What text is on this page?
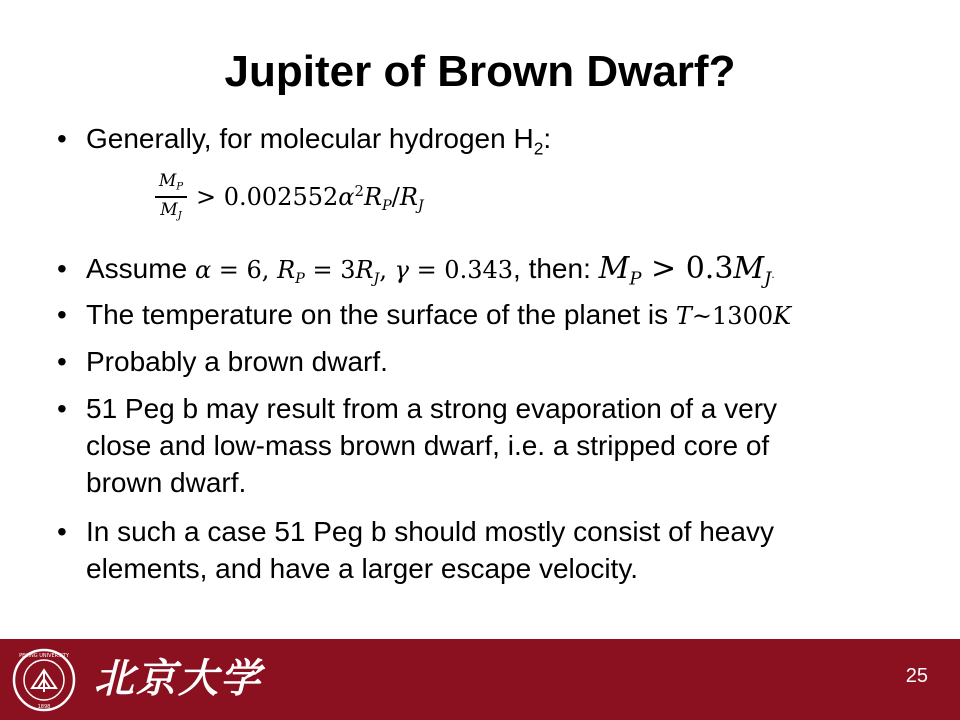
Jupiter of Brown Dwarf?
• Generally, for molecular hydrogen $H_2$:
• Assume α = 6, $R_P = 3R_J$, γ = 0.343, then: $M_P > 0.3M_J$.
• The temperature on the surface of the planet is T~1300K
• Probably a brown dwarf.
• 51 Peg b may result from a strong evaporation of a very
close and low-mass brown dwarf, i.e. a stripped core of
brown dwarf.
• In such a case 51 Peg b should mostly consist of heavy
elements, and have a larger escape velocity.
$M_P$
$M_J$
> $0.002552\alpha^2R_P/R_J$
PEKING UNIVERSITY
1898
北京大学	25
